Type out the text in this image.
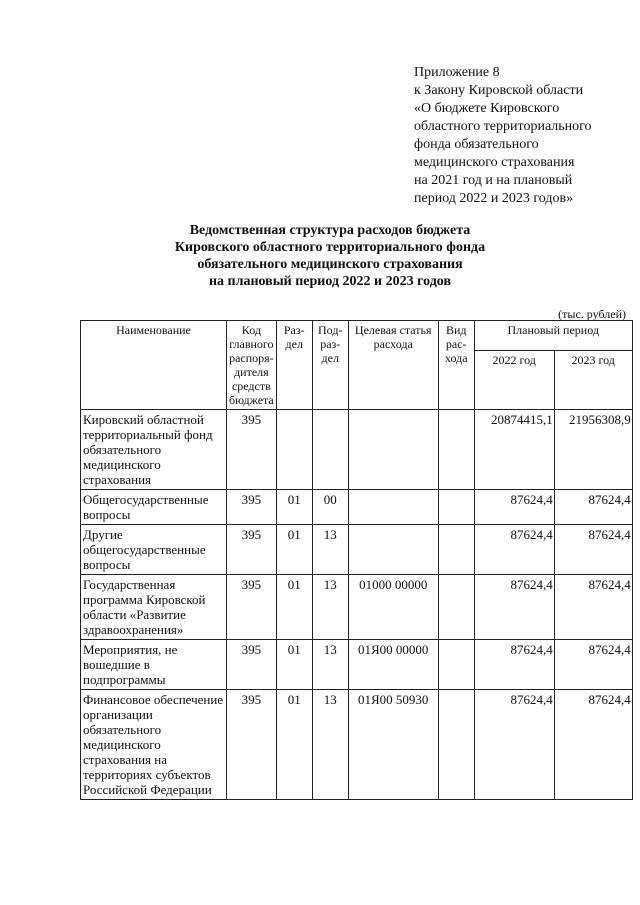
Приложение 8
к Закону Кировской области
«О бюджете Кировского
областного территориального
фонда обязательного
медицинского страхования
на 2021 год и на плановый
период 2022 и 2023 годов»
Ведомственная структура расходов бюджета
Кировского областного территориального фонда
обязательного медицинского страхования
на плановый период 2022 и 2023 годов
(тыс. рублей)
Наименование	Код главного распоря-дителя средств бюджета	Раз-дел	Под-раз-дел	Целевая статья расхода	Вид рас-хода	Плановый период	
						2022 год	2023 год
Кировский областной территориальный фонд обязательного медицинского страхования	395					20874415,1	21956308,9
Общегосударственные вопросы	395	01	00			87624,4	87624,4
Другие общегосударственные вопросы	395	01	13			87624,4	87624,4
Государственная программа Кировской области «Развитие здравоохранения»	395	01	13	01000 00000		87624,4	87624,4
Мероприятия, не вошедшие в подпрограммы	395	01	13	01Я00 00000		87624,4	87624,4
Финансовое обеспечение организации обязательного медицинского страхования на территориях субъектов Российской Федерации	395	01	13	01Я00 50930		87624,4	87624,4
